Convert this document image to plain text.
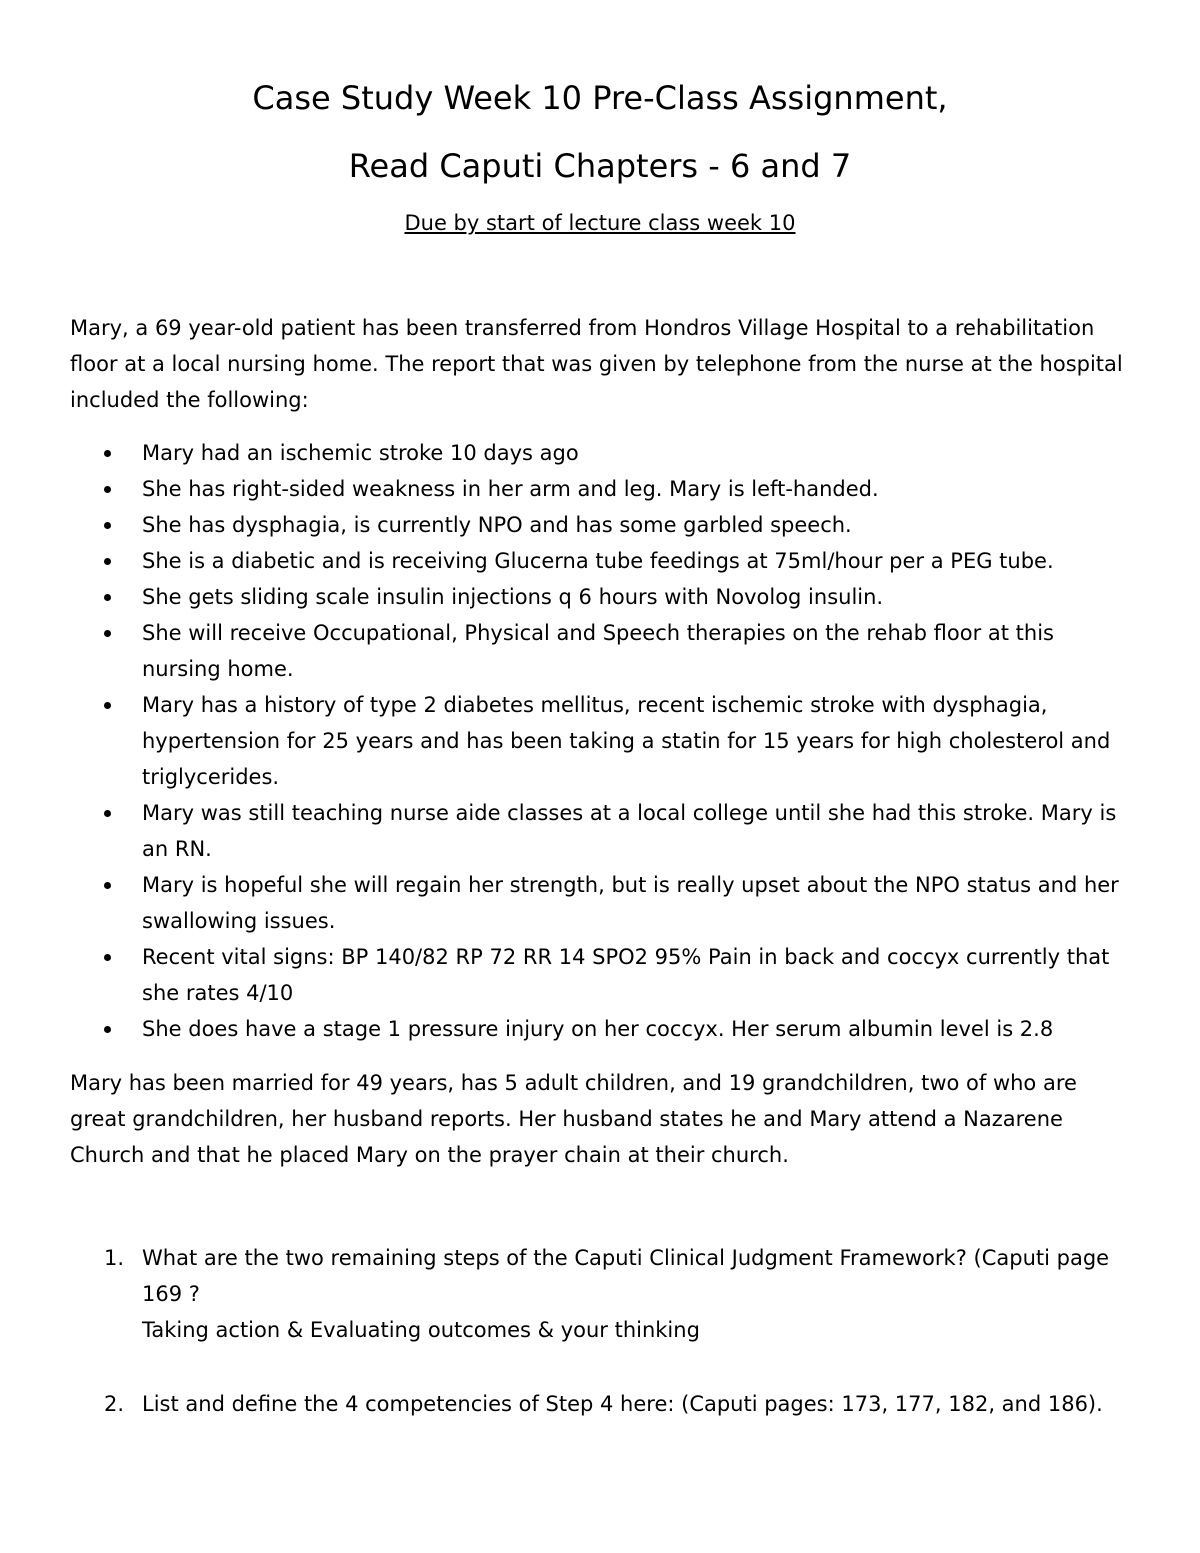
Case Study Week 10 Pre-Class Assignment,
Read Caputi Chapters - 6 and 7
Due by start of lecture class week 10
Mary, a 69 year-old patient has been transferred from Hondros Village Hospital to a rehabilitation floor at a local nursing home. The report that was given by telephone from the nurse at the hospital included the following:
Mary had an ischemic stroke 10 days ago
She has right-sided weakness in her arm and leg. Mary is left-handed.
She has dysphagia, is currently NPO and has some garbled speech.
She is a diabetic and is receiving Glucerna tube feedings at 75ml/hour per a PEG tube.
She gets sliding scale insulin injections q 6 hours with Novolog insulin.
She will receive Occupational, Physical and Speech therapies on the rehab floor at this nursing home.
Mary has a history of type 2 diabetes mellitus, recent ischemic stroke with dysphagia, hypertension for 25 years and has been taking a statin for 15 years for high cholesterol and triglycerides.
Mary was still teaching nurse aide classes at a local college until she had this stroke. Mary is an RN.
Mary is hopeful she will regain her strength, but is really upset about the NPO status and her swallowing issues.
Recent vital signs: BP 140/82 RP 72 RR 14 SPO2 95% Pain in back and coccyx currently that she rates 4/10
She does have a stage 1 pressure injury on her coccyx. Her serum albumin level is 2.8
Mary has been married for 49 years, has 5 adult children, and 19 grandchildren, two of who are great grandchildren, her husband reports. Her husband states he and Mary attend a Nazarene Church and that he placed Mary on the prayer chain at their church.
1. What are the two remaining steps of the Caputi Clinical Judgment Framework? (Caputi page 169 ?
Taking action & Evaluating outcomes & your thinking
2. List and define the 4 competencies of Step 4 here: (Caputi pages: 173, 177, 182, and 186).
